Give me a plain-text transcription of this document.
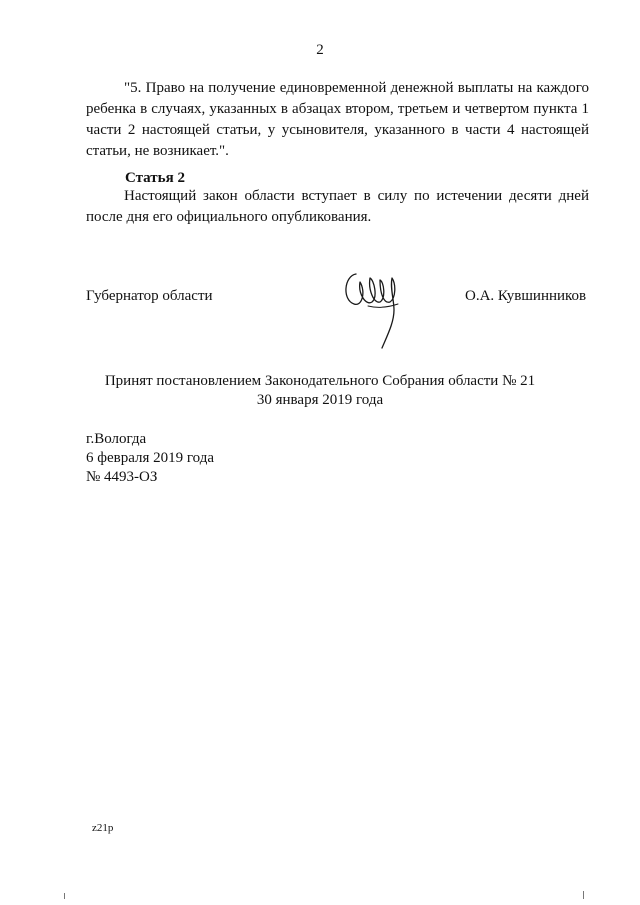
2

"5. Право на получение единовременной денежной выплаты на каждого ребенка в случаях, указанных в абзацах втором, третьем и четвертом пункта 1 части 2 настоящей статьи, у усыновителя, указанного в части 4 настоящей статьи, не возникает.".

Статья 2

Настоящий закон области вступает в силу по истечении десяти дней после дня его официального опубликования.

Губернатор области	О.А. Кувшинников
Принят постановлением Законодательного Собрания области № 21
30 января 2019 года
г.Вологда
6 февраля 2019 года
№ 4493-ОЗ
z21p
